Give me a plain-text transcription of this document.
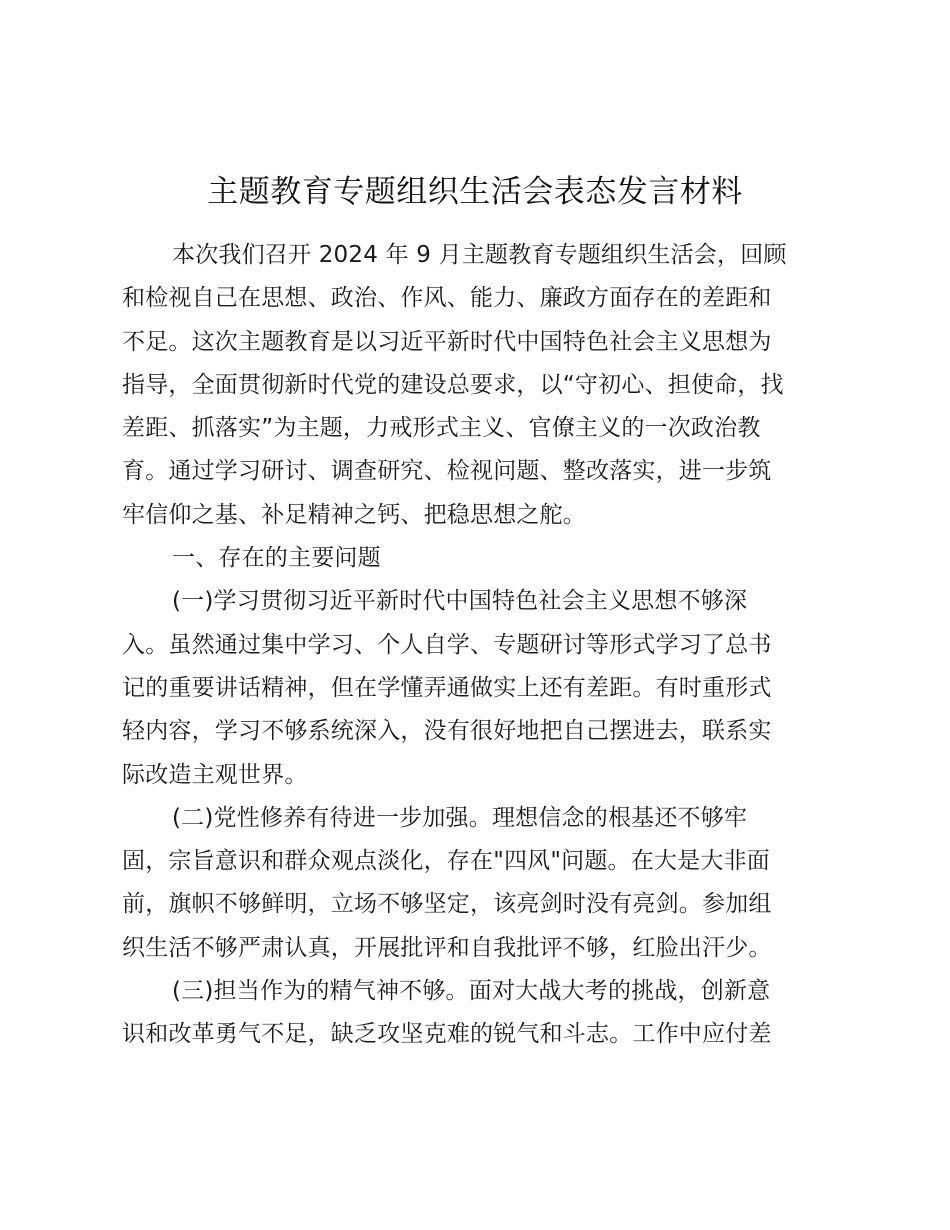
主题教育专题组织生活会表态发言材料

本次我们召开 2024 年 9 月主题教育专题组织生活会，回顾
和检视自己在思想、政治、作风、能力、廉政方面存在的差距和
不足。这次主题教育是以习近平新时代中国特色社会主义思想为
指导，全面贯彻新时代党的建设总要求，以“守初心、担使命，找
差距、抓落实”为主题，力戒形式主义、官僚主义的一次政治教
育。通过学习研讨、调查研究、检视问题、整改落实，进一步筑
牢信仰之基、补足精神之钙、把稳思想之舵。

一、存在的主要问题

(一)学习贯彻习近平新时代中国特色社会主义思想不够深
入。虽然通过集中学习、个人自学、专题研讨等形式学习了总书
记的重要讲话精神，但在学懂弄通做实上还有差距。有时重形式
轻内容，学习不够系统深入，没有很好地把自己摆进去，联系实
际改造主观世界。

(二)党性修养有待进一步加强。理想信念的根基还不够牢
固，宗旨意识和群众观点淡化，存在"四风"问题。在大是大非面
前，旗帜不够鲜明，立场不够坚定，该亮剑时没有亮剑。参加组
织生活不够严肃认真，开展批评和自我批评不够，红脸出汗少。

(三)担当作为的精气神不够。面对大战大考的挑战，创新意
识和改革勇气不足，缺乏攻坚克难的锐气和斗志。工作中应付差
